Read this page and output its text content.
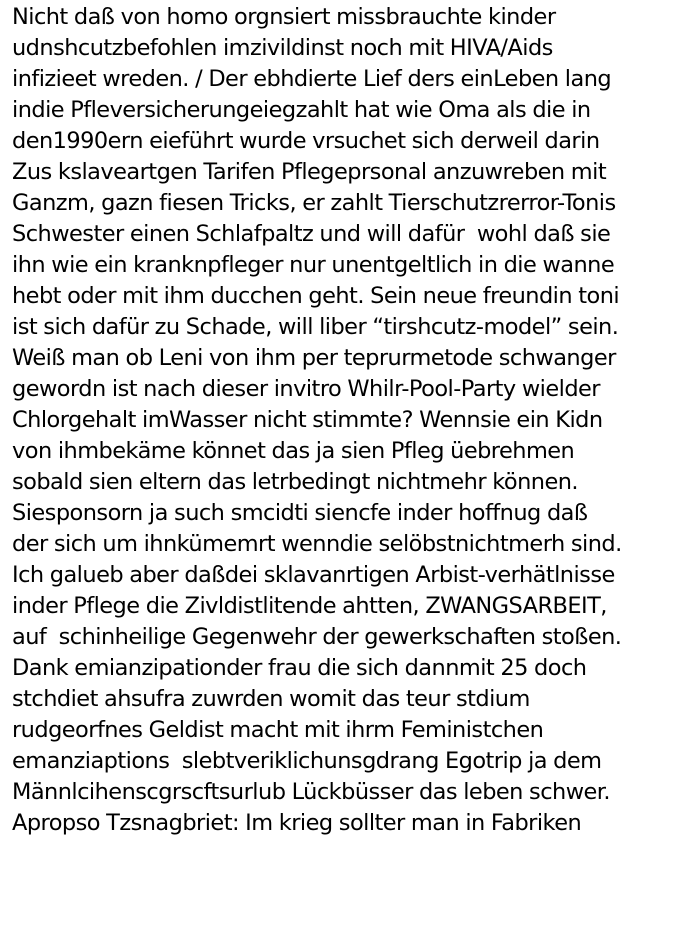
Nicht daß von homo orgnsiert missbrauchte kinder
udnshcutzbefohlen imzivildinst noch mit HIVA/Aids
infizieet wreden. / Der ebhdierte Lief ders einLeben lang
indie Pfleversicherungeiegzahlt hat wie Oma als die in
den1990ern eieführt wurde vrsuchet sich derweil darin
Zus kslaveartgen Tarifen Pflegeprsonal anzuwreben mit
Ganzm, gazn fiesen Tricks, er zahlt Tierschutzrerror-Tonis
Schwester einen Schlafpaltz und will dafür  wohl daß sie
ihn wie ein kranknpfleger nur unentgeltlich in die wanne
hebt oder mit ihm ducchen geht. Sein neue freundin toni
ist sich dafür zu Schade, will liber “tirshcutz-model” sein.
Weiß man ob Leni von ihm per teprurmetode schwanger
gewordn ist nach dieser invitro Whilr-Pool-Party wielder
Chlorgehalt imWasser nicht stimmte? Wennsie ein Kidn
von ihmbekäme könnet das ja sien Pfleg üebrehmen
sobald sien eltern das letrbedingt nichtmehr können.
Siesponsorn ja such smcidti siencfe inder hoffnug daß
der sich um ihnkümemrt wenndie selöbstnichtmerh sind.
Ich galueb aber daßdei sklavanrtigen Arbist-verhätlnisse
inder Pflege die Zivldistlitende ahtten, ZWANGSARBEIT,
auf  schinheilige Gegenwehr der gewerkschaften stoßen.
Dank emianzipationder frau die sich dannmit 25 doch
stchdiet ahsufra zuwrden womit das teur stdium
rudgeorfnes Geldist macht mit ihrm Feministchen
emanziaptions  slebtveriklichunsgdrang Egotrip ja dem
Männlcihenscgrscftsurlub Lückbüsser das leben schwer.
Apropso Tzsnagbriet: Im krieg sollter man in Fabriken
